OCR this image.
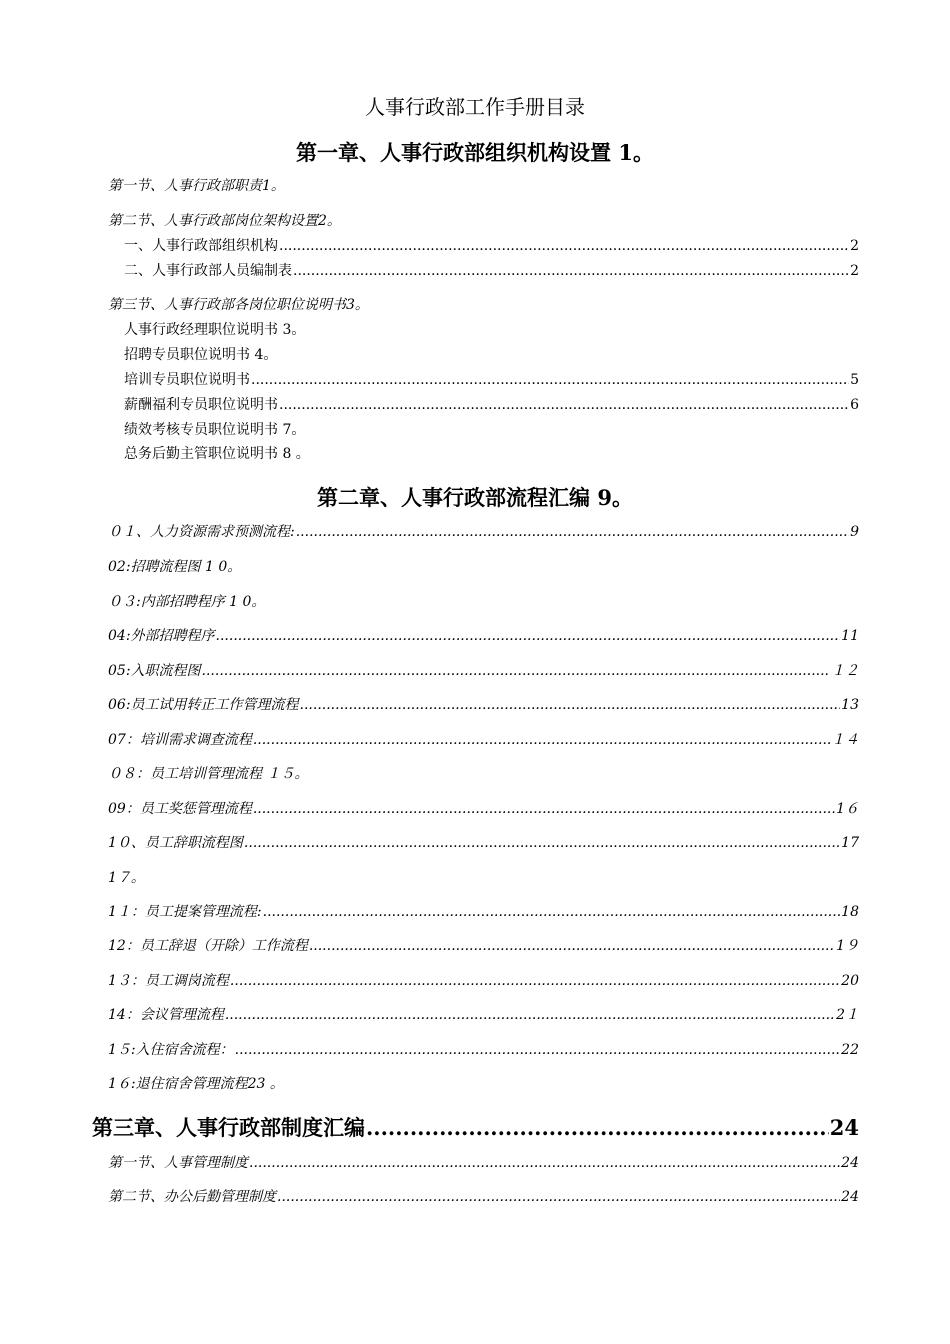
人事行政部工作手册目录
第一章、人事行政部组织机构设置 1。
第一节、人事行政部职责1。
第二节、人事行政部岗位架构设置2。
一、人事行政部组织机构 .....	2
二、人事行政部人员编制表 .....	2
第三节、人事行政部各岗位职位说明书3。
人事行政经理职位说明书 3。
招聘专员职位说明书 4。
培训专员职位说明书 .....	5
薪酬福利专员职位说明书 .....	6
绩效考核专员职位说明书 7。
总务后勤主管职位说明书 8 。
第二章、人事行政部流程汇编 9。
０１、人力资源需求预测流程: .....	9
02:招聘流程图 1 0。
０３:内部招聘程序 1 0。
04:外部招聘程序 .....	11
05:入职流程图 .....	１２
06:员工试用转正工作管理流程 .....	13
07：培训需求调查流程 .....	１４
０８：员工培训管理流程 １５。
09：员工奖惩管理流程 .....	1６
1０、员工辞职流程图 .....	17
1７。
1１：员工提案管理流程: .....	18
12：员工辞退（开除）工作流程 .....	1９
1３：员工调岗流程 .....	20
14：会议管理流程 .....	2１
1５:入住宿舍流程： .....	22
1６:退住宿舍管理流程23 。
第三章、人事行政部制度汇编 .....	24
第一节、人事管理制度 .....	24
第二节、办公后勤管理制度 .....	24
